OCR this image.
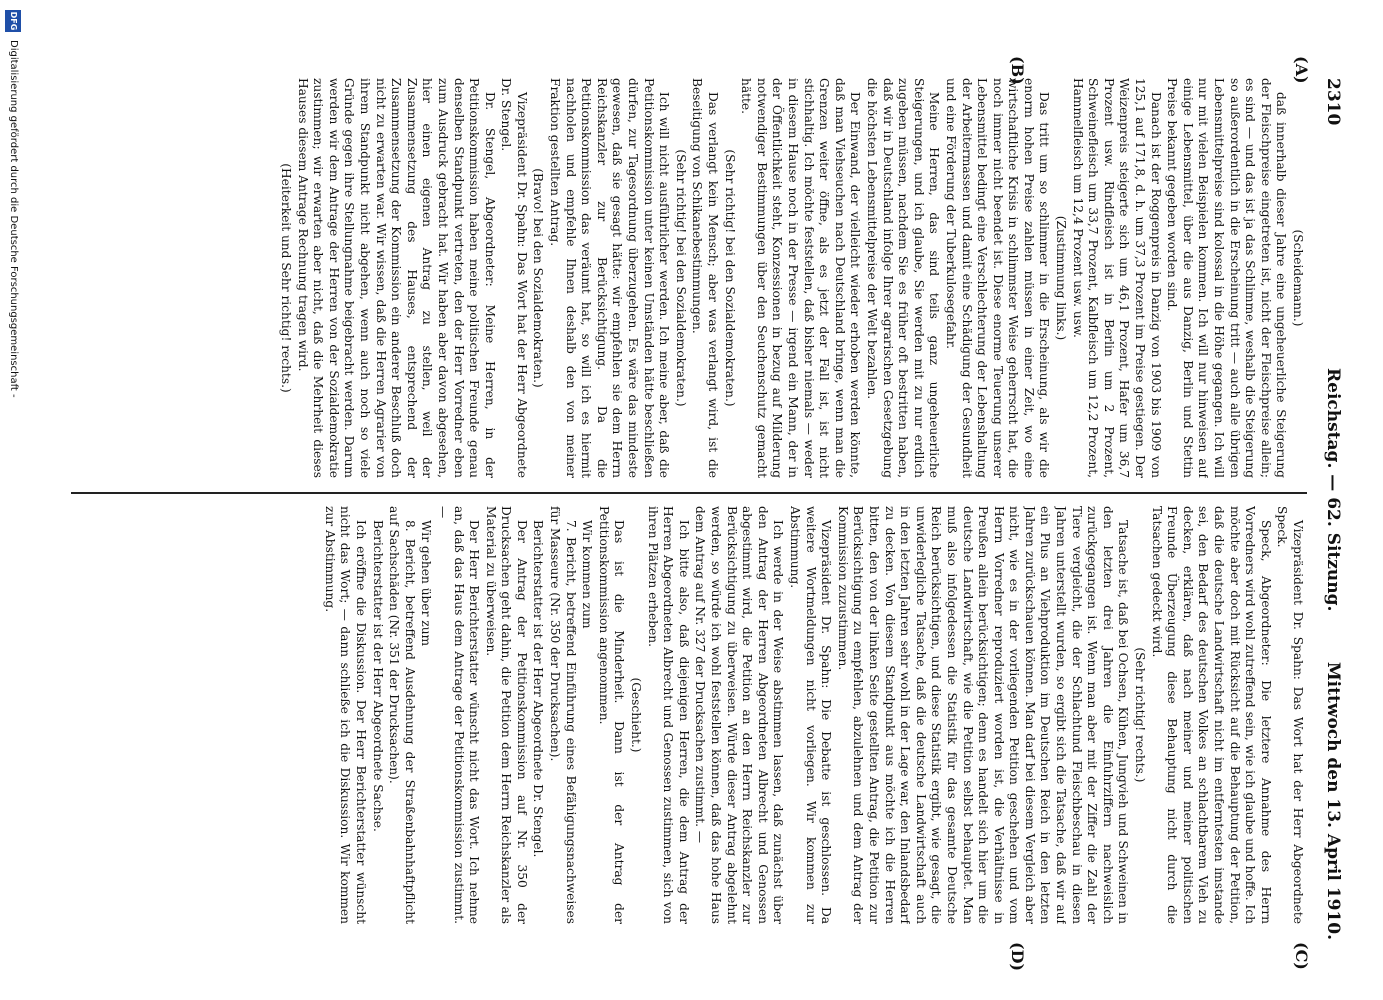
2310
Reichstag. — 62. Sitzung.
Mittwoch den 13. April 1910.
(A)
(B)
(C)
(D)

(Scheidemann.)

daß innerhalb dieser Jahre eine ungeheuerliche Steigerung der Fleischpreise eingetreten ist, nicht der Fleischpreise allein; es sind — und das ist ja das Schlimme, weshalb die Steigerung so außerordentlich in die Erscheinung tritt — auch alle übrigen Lebensmittelpreise sind kolossal in die Höhe gegangen. Ich will nur mit vielen Beispielen kommen. Ich will nur hinweisen auf einige Lebensmittel, über die aus Danzig, Berlin und Stettin Preise bekannt gegeben worden sind.

Danach ist der Roggenpreis in Danzig von 1903 bis 1909 von 125,1 auf 171,8, d. h. um 37,3 Prozent im Preise gestiegen. Der Weizenpreis steigerte sich um 46,1 Prozent, Hafer um 36,7 Prozent usw. Rindfleisch ist in Berlin um 2 Prozent, Schweinefleisch um 33,7 Prozent, Kalbfleisch um 12,2 Prozent, Hammelfleisch um 12,4 Prozent usw. usw.

(Zustimmung links.)

Das tritt um so schlimmer in die Erscheinung, als wir die enorm hohen Preise zahlen müssen in einer Zeit, wo eine wirtschaftliche Krisis in schlimmster Weise geherrscht hat, die noch immer nicht beendet ist. Diese enorme Teuerung unserer Lebensmittel bedingt eine Verschlechterung der Lebenshaltung der Arbeitermassen und damit eine Schädigung der Gesundheit und eine Förderung der Tuberkulosegefahr.

Meine Herren, das sind teils ganz ungeheuerliche Steigerungen, und ich glaube, Sie werden mit zu nur erdlich zugeben müssen, nachdem Sie es früher oft bestritten haben, daß wir in Deutschland infolge Ihrer agrarischen Gesetzgebung die höchsten Lebensmittelpreise der Welt bezahlen.

Der Einwand, der vielleicht wieder erhoben werden könnte, daß man Viehseuchen nach Deutschland bringe, wenn man die Grenzen weiter öffne, als es jetzt der Fall ist, ist nicht stichhaltig. Ich möchte feststellen, daß bisher niemals — weder in diesem Hause noch in der Presse — irgend ein Mann, der in der Öffentlichkeit steht, Konzessionen in bezug auf Milderung notwendiger Bestimmungen über den Seuchenschutz gemacht hätte.

(Sehr richtig! bei den Sozialdemokraten.)

Das verlangt kein Mensch; aber was verlangt wird, ist die Beseitigung von Schikanebestimmungen.

(Sehr richtig! bei den Sozialdemokraten.)

Ich will nicht ausführlicher werden. Ich meine aber, daß die Petitionskommission unter keinen Umständen hätte beschließen dürfen, zur Tagesordnung überzugehen. Es wäre das mindeste gewesen, daß sie gesagt hätte: wir empfehlen sie dem Herrn Reichskanzler zur Berücksichtigung. Da die Petitionskommission das veräumt hat, so will ich es hiermit nachholen und empfehle Ihnen deshalb den von meiner Fraktion gestellten Antrag.

(Bravo! bei den Sozialdemokraten.)

Vizepräsident Dr. Spahn: Das Wort hat der Herr Abgeordnete Dr. Stengel.

Dr. Stengel, Abgeordneter: Meine Herren, in der Petitionskommission haben meine politischen Freunde genau denselben Standpunkt vertreten, den der Herr Vorredner eben zum Ausdruck gebracht hat. Wir haben aber davon abgesehen, hier einen eigenen Antrag zu stellen, weil der Zusammensetzung des Hauses, entsprechend der Zusammensetzung der Kommission ein anderer Beschluß doch nicht zu erwarten war. Wir wissen, daß die Herren Agrarier von ihrem Standpunkt nicht abgehen, wenn auch noch so viele Gründe gegen ihre Stellungnahme beigebracht werden. Darum werden wir dem Antrage der Herren von der Sozialdemokratie zustimmen; wir erwarten aber nicht, daß die Mehrheit dieses Hauses diesem Antrage Rechnung tragen wird.

(Heiterkeit und Sehr richtig! rechts.)

Vizepräsident Dr. Spahn: Das Wort hat der Herr Abgeordnete Speck.

Speck, Abgeordneter: Die letztere Annahme des Herrn Vorredners wird wohl zutreffend sein, wie ich glaube und hoffe. Ich möchte aber doch mit Rücksicht auf die Behauptung der Petition, daß die deutsche Landwirtschaft nicht im entferntesten imstande sei, den Bedarf des deutschen Volkes an schlachtbarem Vieh zu decken, erklären, daß nach meiner und meiner politischen Freunde Überzeugung diese Behauptung nicht durch die Tatsachen gedeckt wird.

(Sehr richtig! rechts.)

Tatsache ist, daß bei Ochsen, Kühen, Jungvieh und Schweinen in den letzten drei Jahren die Einfuhrziffern nachweislich zurückgegangen ist. Wenn man aber mit der Ziffer die Zahl der Tiere vergleicht, die der Schlachtund Fleischbeschau in diesen Jahren unterstellt wurden, so ergibt sich die Tatsache, daß wir auf ein Plus an Viehproduktion im Deutschen Reich in den letzten Jahren zurückschauen können. Man darf bei diesem Vergleich aber nicht, wie es in der vorliegenden Petition geschehen und vom Herrn Vorredner reproduziert worden ist, die Verhältnisse in Preußen allein berücksichtigen; denn es handelt sich hier um die deutsche Landwirtschaft, wie die Petition selbst behauptet. Man muß also infolgedessen die Statistik für das gesamte Deutsche Reich berücksichtigen, und diese Statistik ergibt, wie gesagt, die unwiderlegliche Tatsache, daß die deutsche Landwirtschaft auch in den letzten Jahren sehr wohl in der Lage war, den Inlandsbedarf zu decken. Von diesem Standpunkt aus möchte ich die Herren bitten, den von der linken Seite gestellten Antrag, die Petition zur Berücksichtigung zu empfehlen, abzulehnen und dem Antrag der Kommission zuzustimmen.

Vizepräsident Dr. Spahn: Die Debatte ist geschlossen. Da weitere Wortmeldungen nicht vorliegen. Wir kommen zur Abstimmung.

Ich werde in der Weise abstimmen lassen, daß zunächst über den Antrag der Herren Abgeordneten Albrecht und Genossen abgestimmt wird, die Petition an den Herrn Reichskanzler zur Berücksichtigung zu überweisen. Würde dieser Antrag abgelehnt werden, so würde ich wohl feststellen können, daß das hohe Haus dem Antrag auf Nr. 327 der Drucksachen zustimmt. —

Ich bitte also, daß diejenigen Herren, die dem Antrag der Herren Abgeordneten Albrecht und Genossen zustimmen, sich von ihren Plätzen erheben.

(Geschieht.)

Das ist die Minderheit. Dann ist der Antrag der Petitionskommission angenommen.

Wir kommen zum

7. Bericht, betreffend Einführung eines Befähigungsnachweises für Masseure (Nr. 350 der Drucksachen).

Berichterstatter ist der Herr Abgeordnete Dr. Stengel.

Der Antrag der Petitionskommission auf Nr. 350 der Drucksachen geht dahin, die Petition dem Herrn Reichskanzler als Material zu überweisen.

Der Herr Berichterstatter wünscht nicht das Wort. Ich nehme an, daß das Haus dem Antrage der Petitionskommission zustimmt. —

Wir gehen über zum

8. Bericht, betreffend Ausdehnung der Straßenbahnhaftpflicht auf Sachschäden (Nr. 351 der Drucksachen).

Berichterstatter ist der Herr Abgeordnete Sachse.

Ich eröffne die Diskussion. Der Herr Berichterstatter wünscht nicht das Wort; — dann schließe ich die Diskussion. Wir kommen zur Abstimmung.

DFG
Digitalisierung gefördert durch die Deutsche Forschungsgemeinschaft -
